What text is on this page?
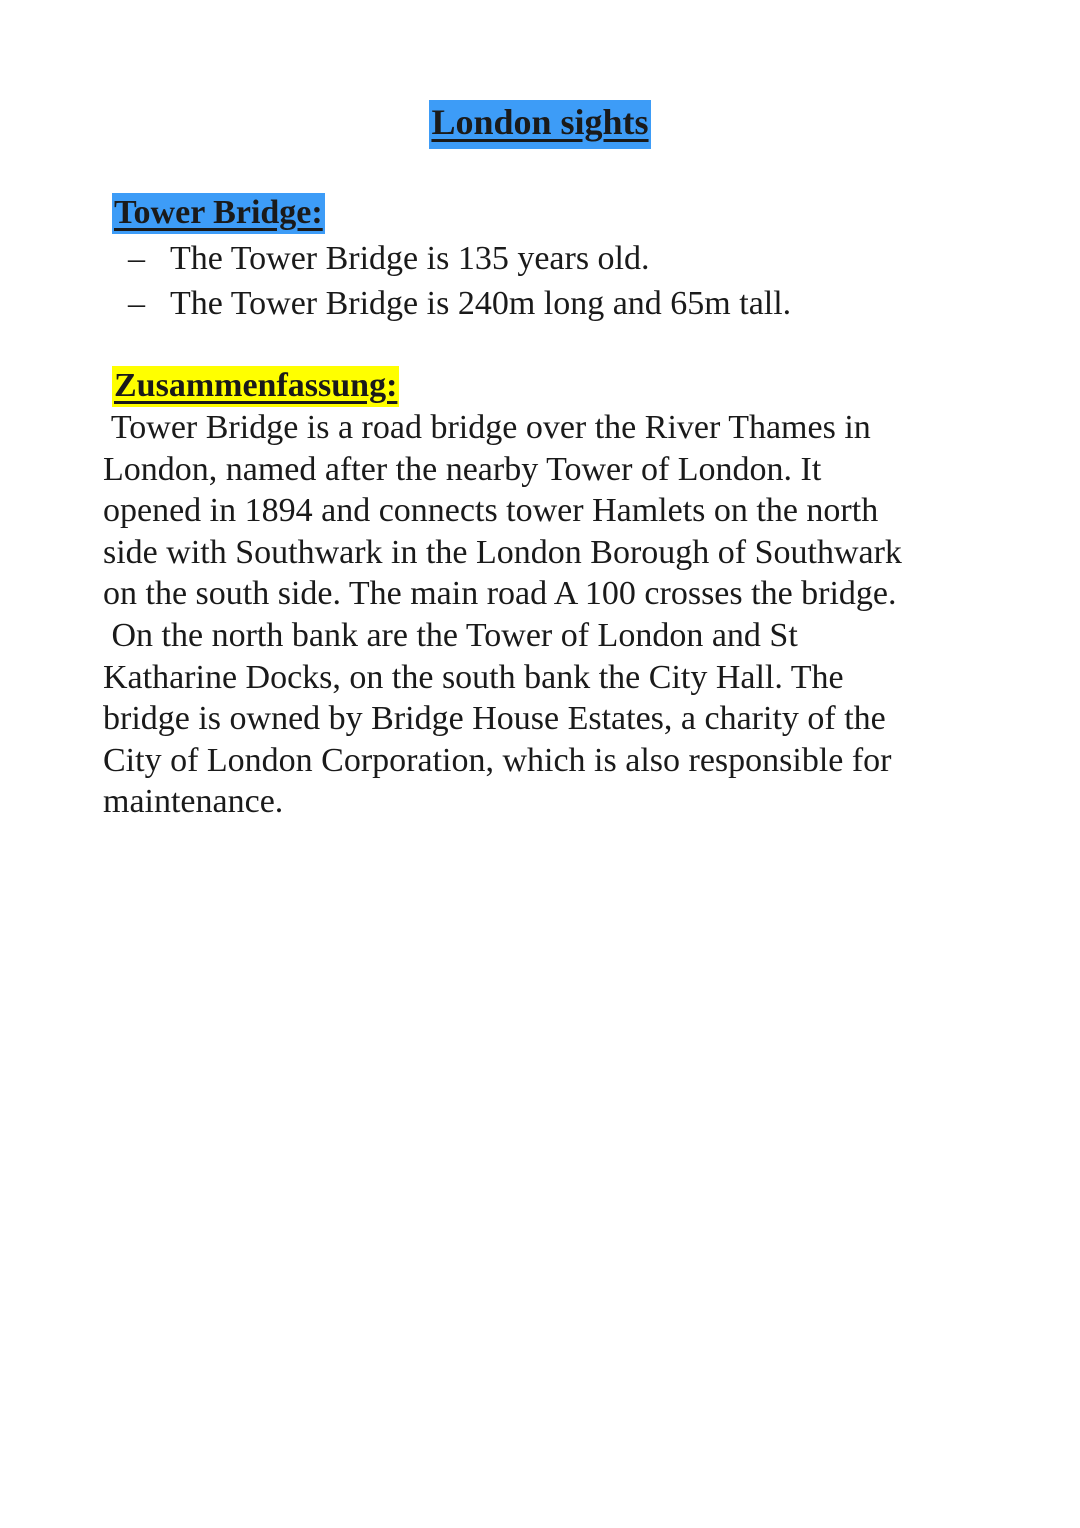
London sights
Tower Bridge:
– The Tower Bridge is 135 years old.
– The Tower Bridge is 240m long and 65m tall.
Zusammenfassung:
Tower Bridge is a road bridge over the River Thames in
London, named after the nearby Tower of London. It
opened in 1894 and connects tower Hamlets on the north
side with Southwark in the London Borough of Southwark
on the south side. The main road A 100 crosses the bridge.
On the north bank are the Tower of London and St
Katharine Docks, on the south bank the City Hall. The
bridge is owned by Bridge House Estates, a charity of the
City of London Corporation, which is also responsible for
maintenance.
